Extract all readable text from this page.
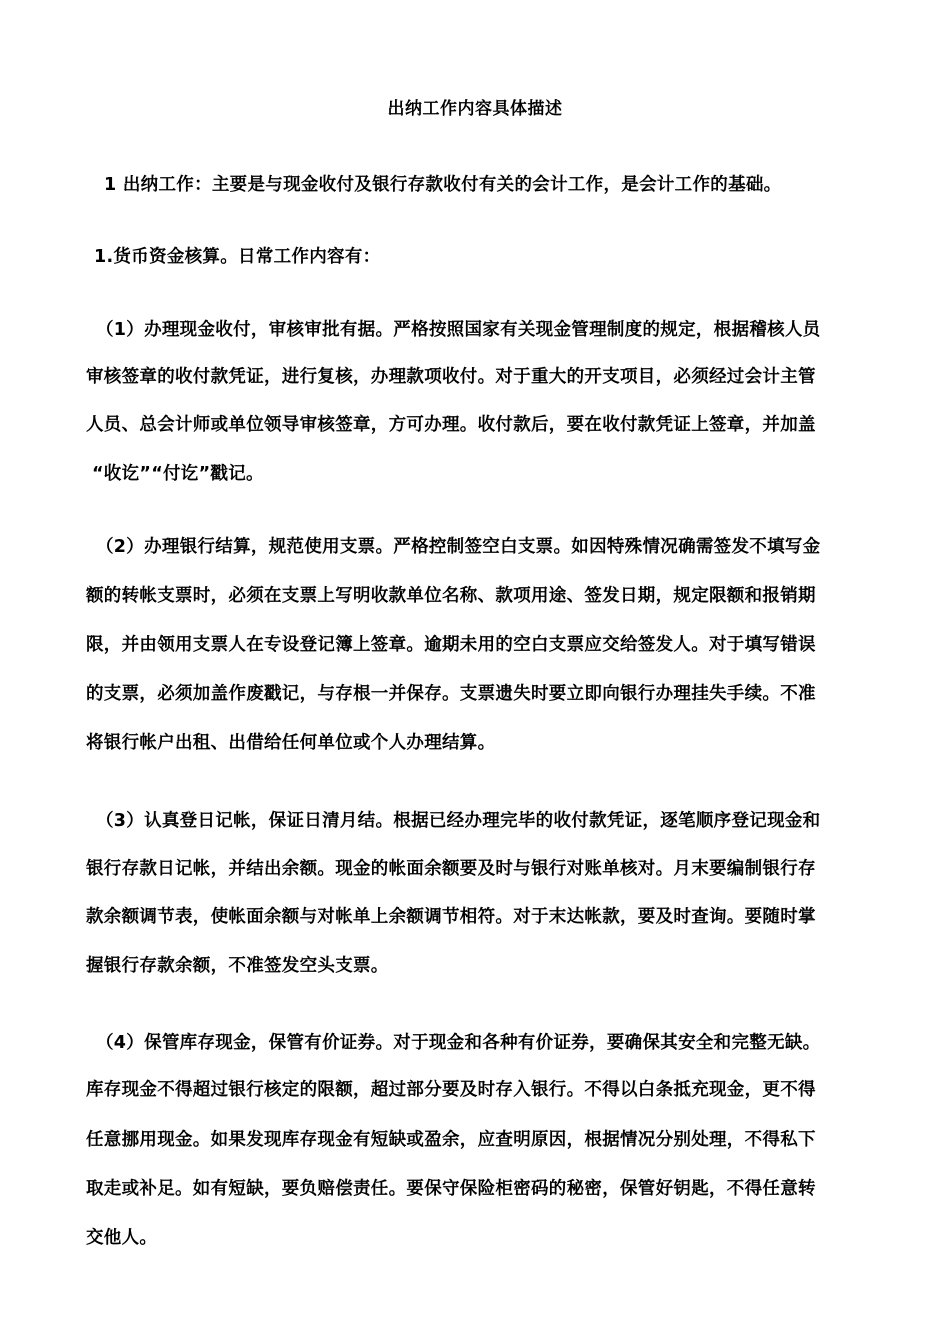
出纳工作内容具体描述
1 出纳工作：主要是与现金收付及银行存款收付有关的会计工作，是会计工作的基础。
1.货币资金核算。日常工作内容有：
（1）办理现金收付，审核审批有据。严格按照国家有关现金管理制度的规定，根据稽核人员
审核签章的收付款凭证，进行复核，办理款项收付。对于重大的开支项目，必须经过会计主管
人员、总会计师或单位领导审核签章，方可办理。收付款后，要在收付款凭证上签章，并加盖
“收讫”“付讫”戳记。
（2）办理银行结算，规范使用支票。严格控制签空白支票。如因特殊情况确需签发不填写金
额的转帐支票时，必须在支票上写明收款单位名称、款项用途、签发日期，规定限额和报销期
限，并由领用支票人在专设登记簿上签章。逾期未用的空白支票应交给签发人。对于填写错误
的支票，必须加盖作废戳记，与存根一并保存。支票遗失时要立即向银行办理挂失手续。不准
将银行帐户出租、出借给任何单位或个人办理结算。
（3）认真登日记帐，保证日清月结。根据已经办理完毕的收付款凭证，逐笔顺序登记现金和
银行存款日记帐，并结出余额。现金的帐面余额要及时与银行对账单核对。月末要编制银行存
款余额调节表，使帐面余额与对帐单上余额调节相符。对于末达帐款，要及时查询。要随时掌
握银行存款余额，不准签发空头支票。
（4）保管库存现金，保管有价证券。对于现金和各种有价证券，要确保其安全和完整无缺。
库存现金不得超过银行核定的限额，超过部分要及时存入银行。不得以白条抵充现金，更不得
任意挪用现金。如果发现库存现金有短缺或盈余，应查明原因，根据情况分别处理，不得私下
取走或补足。如有短缺，要负赔偿责任。要保守保险柜密码的秘密，保管好钥匙，不得任意转
交他人。
